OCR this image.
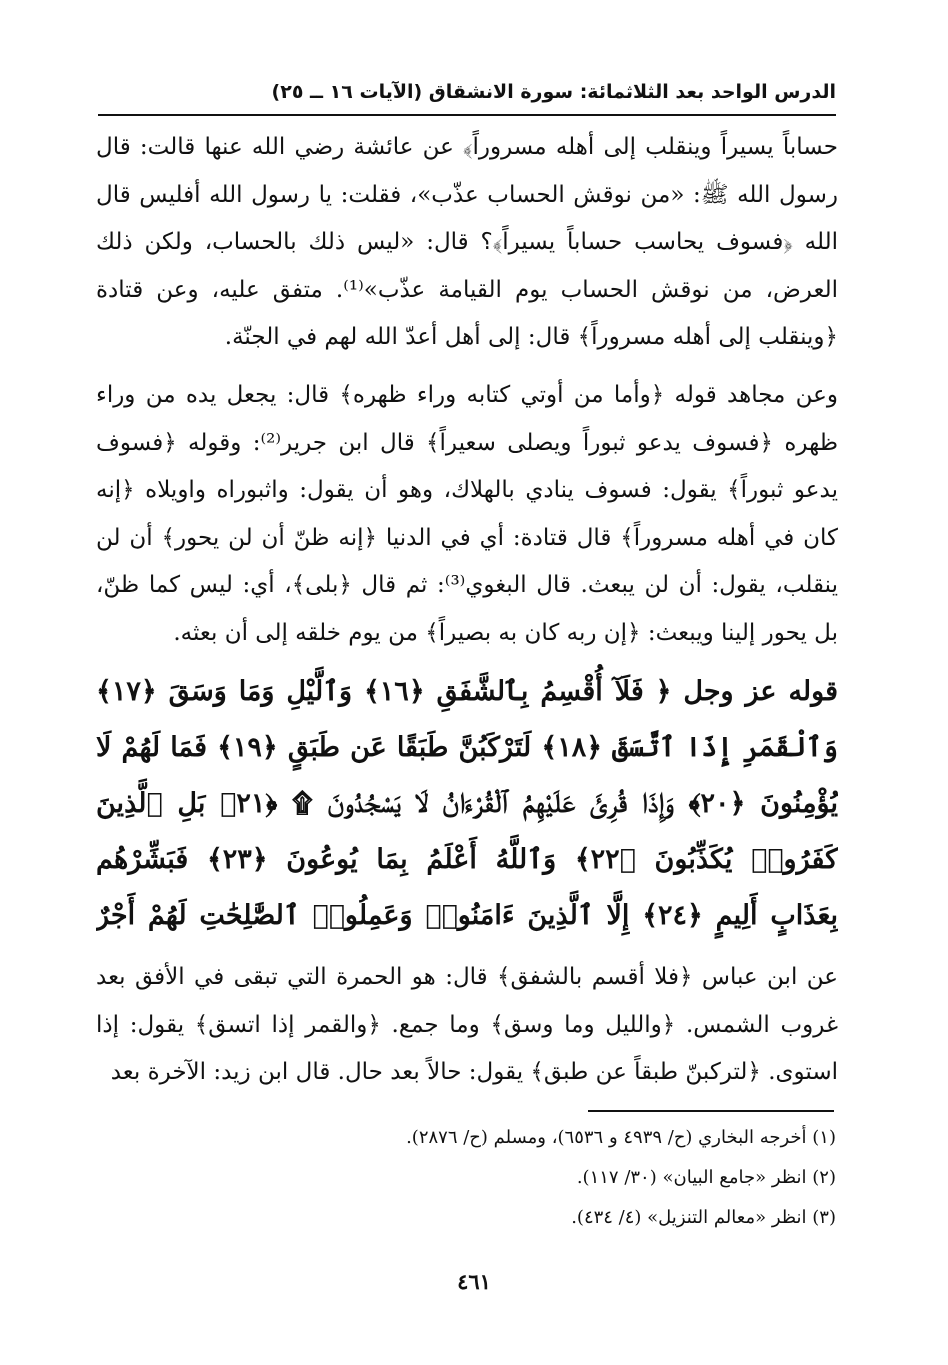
الدرس الواحد بعد الثلاثمائة: سورة الانشقاق (الآيات ١٦ ــ ٢٥)
حساباً يسيراً وينقلب إلى أهله مسروراً﴾ عن عائشة رضي الله عنها قالت: قال رسول الله ﷺ: «من نوقش الحساب عذّب»، فقلت: يا رسول الله أفليس قال الله ﴿فسوف يحاسب حساباً يسيراً﴾؟ قال: «ليس ذلك بالحساب، ولكن ذلك العرض، من نوقش الحساب يوم القيامة عذّب»⁽¹⁾. متفق عليه، وعن قتادة ﴿وينقلب إلى أهله مسروراً﴾ قال: إلى أهل أعدّ الله لهم في الجنّة.
وعن مجاهد قوله ﴿وأما من أوتي كتابه وراء ظهره﴾ قال: يجعل يده من وراء ظهره ﴿فسوف يدعو ثبوراً ويصلى سعيراً﴾ قال ابن جرير⁽²⁾: وقوله ﴿فسوف يدعو ثبوراً﴾ يقول: فسوف ينادي بالهلاك، وهو أن يقول: واثبوراه واويلاه ﴿إنه كان في أهله مسروراً﴾ قال قتادة: أي في الدنيا ﴿إنه ظنّ أن لن يحور﴾ أن لن ينقلب، يقول: أن لن يبعث. قال البغوي⁽³⁾: ثم قال ﴿بلى﴾، أي: ليس كما ظنّ، بل يحور إلينا ويبعث: ﴿إن ربه كان به بصيراً﴾ من يوم خلقه إلى أن بعثه.
قوله عز وجل ﴿ فَلَآ أُقْسِمُ بِٱلشَّفَقِ ﴿١٦﴾ وَٱلَّيْلِ وَمَا وَسَقَ ﴿١٧﴾ وَٱلْقَمَرِ إِذَا ٱتَّسَقَ ﴿١٨﴾ لَتَرْكَبُنَّ طَبَقًا عَن طَبَقٍ ﴿١٩﴾ فَمَا لَهُمْ لَا يُؤْمِنُونَ ﴿٢٠﴾ وَإِذَا قُرِئَ عَلَيْهِمُ ٱلْقُرْءَانُ لَا يَسْجُدُونَ ۩ ﴿٢١﴾ بَلِ ٱلَّذِينَ كَفَرُوا۟ يُكَذِّبُونَ ﴿٢٢﴾ وَٱللَّهُ أَعْلَمُ بِمَا يُوعُونَ ﴿٢٣﴾ فَبَشِّرْهُم بِعَذَابٍ أَلِيمٍ ﴿٢٤﴾ إِلَّا ٱلَّذِينَ ءَامَنُوا۟ وَعَمِلُوا۟ ٱلصَّٰلِحَٰتِ لَهُمْ أَجْرٌ
عن ابن عباس ﴿فلا أقسم بالشفق﴾ قال: هو الحمرة التي تبقى في الأفق بعد غروب الشمس. ﴿والليل وما وسق﴾ وما جمع. ﴿والقمر إذا اتسق﴾ يقول: إذا استوى. ﴿لتركبنّ طبقاً عن طبق﴾ يقول: حالاً بعد حال. قال ابن زيد: الآخرة بعد
(١) أخرجه البخاري (ح/ ٤٩٣٩ و ٦٥٣٦)، ومسلم (ح/ ٢٨٧٦).
(٢) انظر «جامع البيان» (٣٠/ ١١٧).
(٣) انظر «معالم التنزيل» (٤/ ٤٣٤).
٤٦١
